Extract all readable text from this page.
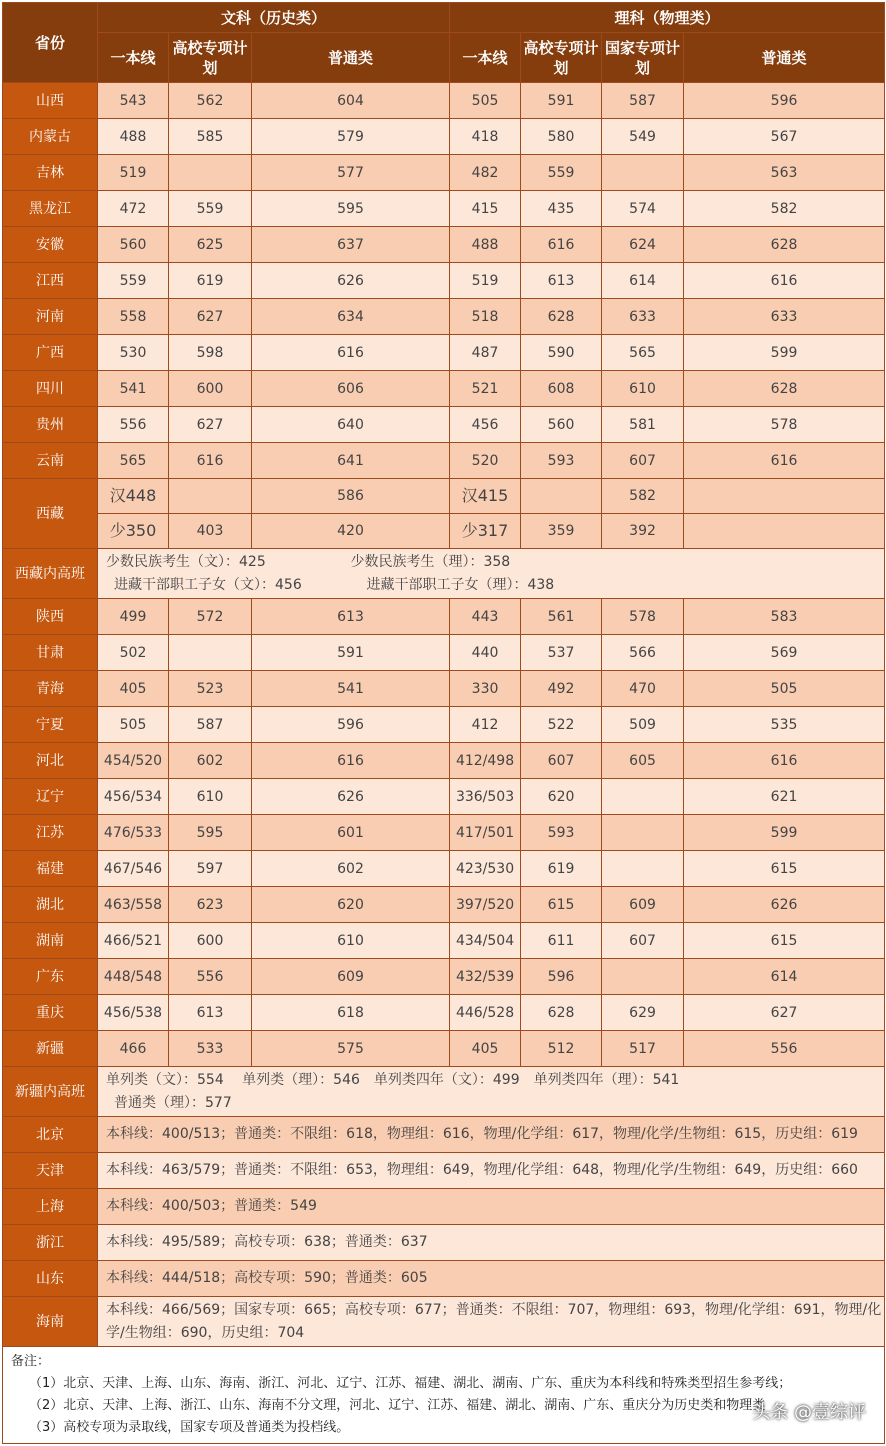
省份	文科（历史类）			理科（物理类）			
	一本线	高校专项计划	普通类	一本线	高校专项计划	国家专项计划	普通类
山西	543	562	604	505	591	587	596
内蒙古	488	585	579	418	580	549	567
吉林	519		577	482	559		563
黑龙江	472	559	595	415	435	574	582
安徽	560	625	637	488	616	624	628
江西	559	619	626	519	613	614	616
河南	558	627	634	518	628	633	633
广西	530	598	616	487	590	565	599
四川	541	600	606	521	608	610	628
贵州	556	627	640	456	560	581	578
云南	565	616	641	520	593	607	616
西藏	汉448		586	汉415		582	
	少350	403	420	少317	359	392	
西藏内高班	少数民族考生（文）：425 少数民族考生（理）：358
进藏干部职工子女（文）：456 进藏干部职工子女（理）：438						

陕西	499	572	613	443	561	578	583
甘肃	502		591	440	537	566	569
青海	405	523	541	330	492	470	505
宁夏	505	587	596	412	522	509	535
河北	454/520	602	616	412/498	607	605	616
辽宁	456/534	610	626	336/503	620		621
江苏	476/533	595	601	417/501	593		599
福建	467/546	597	602	423/530	619		615
湖北	463/558	623	620	397/520	615	609	626
湖南	466/521	600	610	434/504	611	607	615
广东	448/548	556	609	432/539	596		614
重庆	456/538	613	618	446/528	628	629	627
新疆	466	533	575	405	512	517	556
新疆内高班	单列类（文）：554　 单列类（理）：546　单列类四年（文）：499　单列类四年（理）：541
普通类（理）：577						

北京	本科线：400/513；普通类：不限组：618，物理组：616，物理/化学组：617，物理/化学/生物组：615，历史组：619						
天津	本科线：463/579；普通类：不限组：653，物理组：649，物理/化学组：648，物理/化学/生物组：649，历史组：660						
上海	本科线：400/503；普通类：549						
浙江	本科线：495/589；高校专项：638；普通类：637						
山东	本科线：444/518；高校专项：590；普通类：605						
海南	本科线：466/569；国家专项：665；高校专项：677；普通类：不限组：707，物理组：693，物理/化学组：691，物理/化学/生物组：690，历史组：704						

备注：
（1）北京、天津、上海、山东、海南、浙江、河北、辽宁、江苏、福建、湖北、湖南、广东、重庆为本科线和特殊类型招生参考线；
（2）北京、天津、上海、浙江、山东、海南不分文理，河北、辽宁、江苏、福建、湖北、湖南、广东、重庆分为历史类和物理类
（3）高校专项为录取线，国家专项及普通类为投档线。							
头条 @壹综评
